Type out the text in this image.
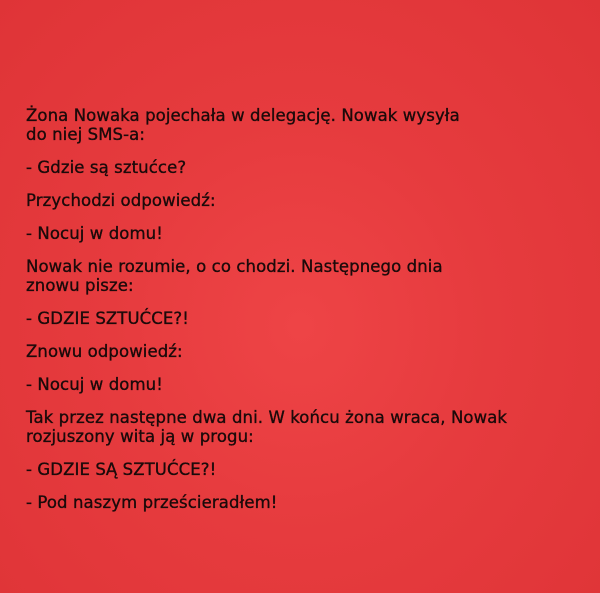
Żona Nowaka pojechała w delegację. Nowak wysyła
do niej SMS-a:
- Gdzie są sztućce?
Przychodzi odpowiedź:
- Nocuj w domu!
Nowak nie rozumie, o co chodzi. Następnego dnia
znowu pisze:
- GDZIE SZTUĆCE?!
Znowu odpowiedź:
- Nocuj w domu!
Tak przez następne dwa dni. W końcu żona wraca, Nowak
rozjuszony wita ją w progu:
- GDZIE SĄ SZTUĆCE?!
- Pod naszym prześcieradłem!
